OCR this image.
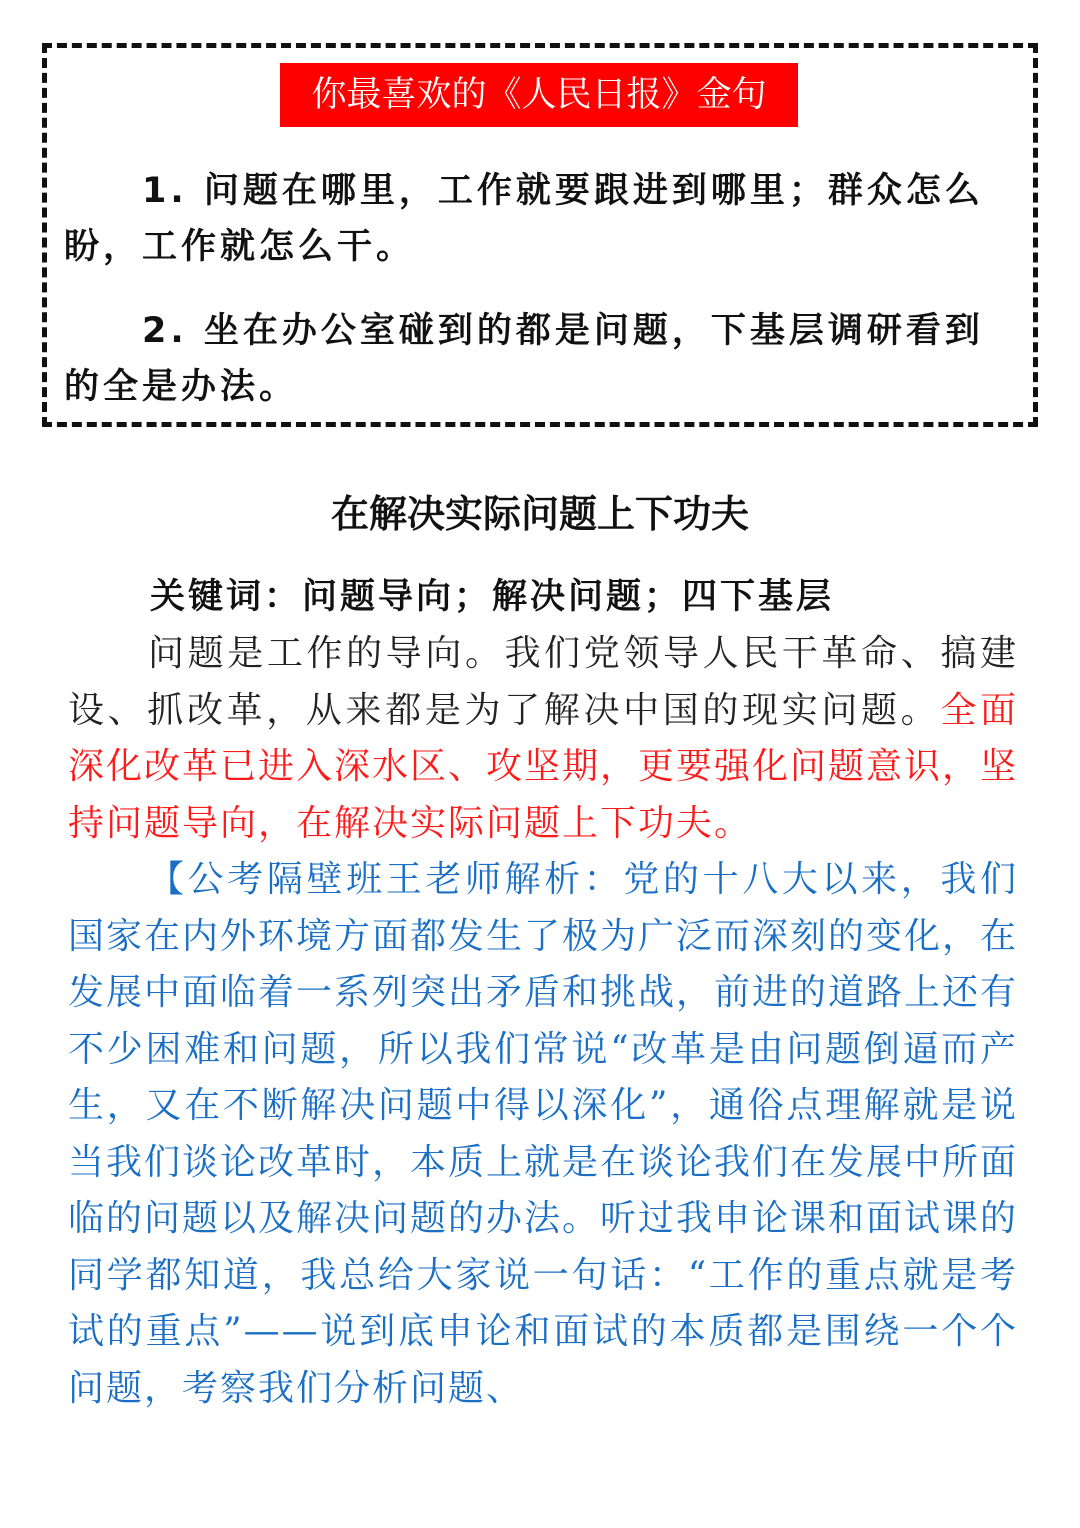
你最喜欢的《人民日报》金句
1. 问题在哪里，工作就要跟进到哪里；群众怎么盼，工作就怎么干。
2. 坐在办公室碰到的都是问题，下基层调研看到的全是办法。
在解决实际问题上下功夫
关键词：问题导向；解决问题；四下基层
问题是工作的导向。我们党领导人民干革命、搞建设、抓改革，从来都是为了解决中国的现实问题。全面深化改革已进入深水区、攻坚期，更要强化问题意识，坚持问题导向，在解决实际问题上下功夫。
【公考隔壁班王老师解析：党的十八大以来，我们国家在内外环境方面都发生了极为广泛而深刻的变化，在发展中面临着一系列突出矛盾和挑战，前进的道路上还有不少困难和问题，所以我们常说“改革是由问题倒逼而产生，又在不断解决问题中得以深化”，通俗点理解就是说当我们谈论改革时，本质上就是在谈论我们在发展中所面临的问题以及解决问题的办法。听过我申论课和面试课的同学都知道，我总给大家说一句话：“工作的重点就是考试的重点”——说到底申论和面试的本质都是围绕一个个问题，考察我们分析问题、
